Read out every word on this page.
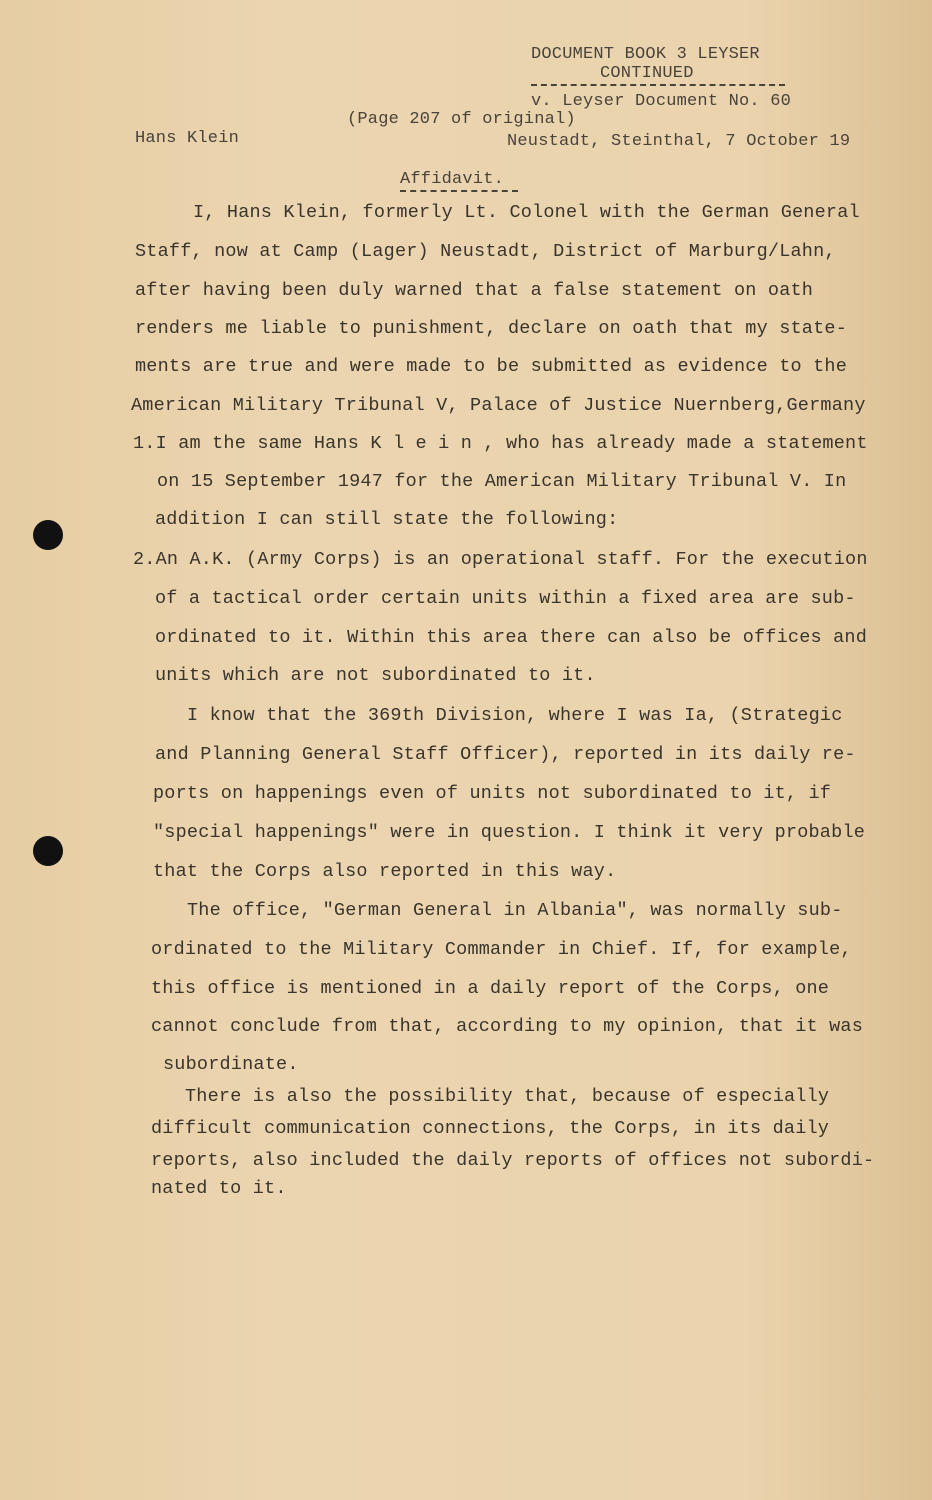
DOCUMENT BOOK 3 LEYSER
CONTINUED
v. Leyser Document No. 60
(Page 207 of original)
Hans Klein	Neustadt, Steinthal, 7 October 19
Affidavit.
I, Hans Klein, formerly Lt. Colonel with the German General
Staff, now at Camp (Lager) Neustadt, District of Marburg/Lahn,
after having been duly warned that a false statement on oath
renders me liable to punishment, declare on oath that my state-
ments are true and were made to be submitted as evidence to the
American Military Tribunal V, Palace of Justice Nuernberg,Germany
1.I am the same Hans K l e i n , who has already made a statement
on 15 September 1947 for the American Military Tribunal V. In
addition I can still state the following:
2.An A.K. (Army Corps) is an operational staff. For the execution
of a tactical order certain units within a fixed area are sub-
ordinated to it. Within this area there can also be offices and
units which are not subordinated to it.
I know that the 369th Division, where I was Ia, (Strategic
and Planning General Staff Officer), reported in its daily re-
ports on happenings even of units not subordinated to it, if
"special happenings" were in question. I think it very probable
that the Corps also reported in this way.
The office, "German General in Albania", was normally sub-
ordinated to the Military Commander in Chief. If, for example,
this office is mentioned in a daily report of the Corps, one
cannot conclude from that, according to my opinion, that it was
subordinate.
There is also the possibility that, because of especially
difficult communication connections, the Corps, in its daily
reports, also included the daily reports of offices not subordi-
nated to it.
